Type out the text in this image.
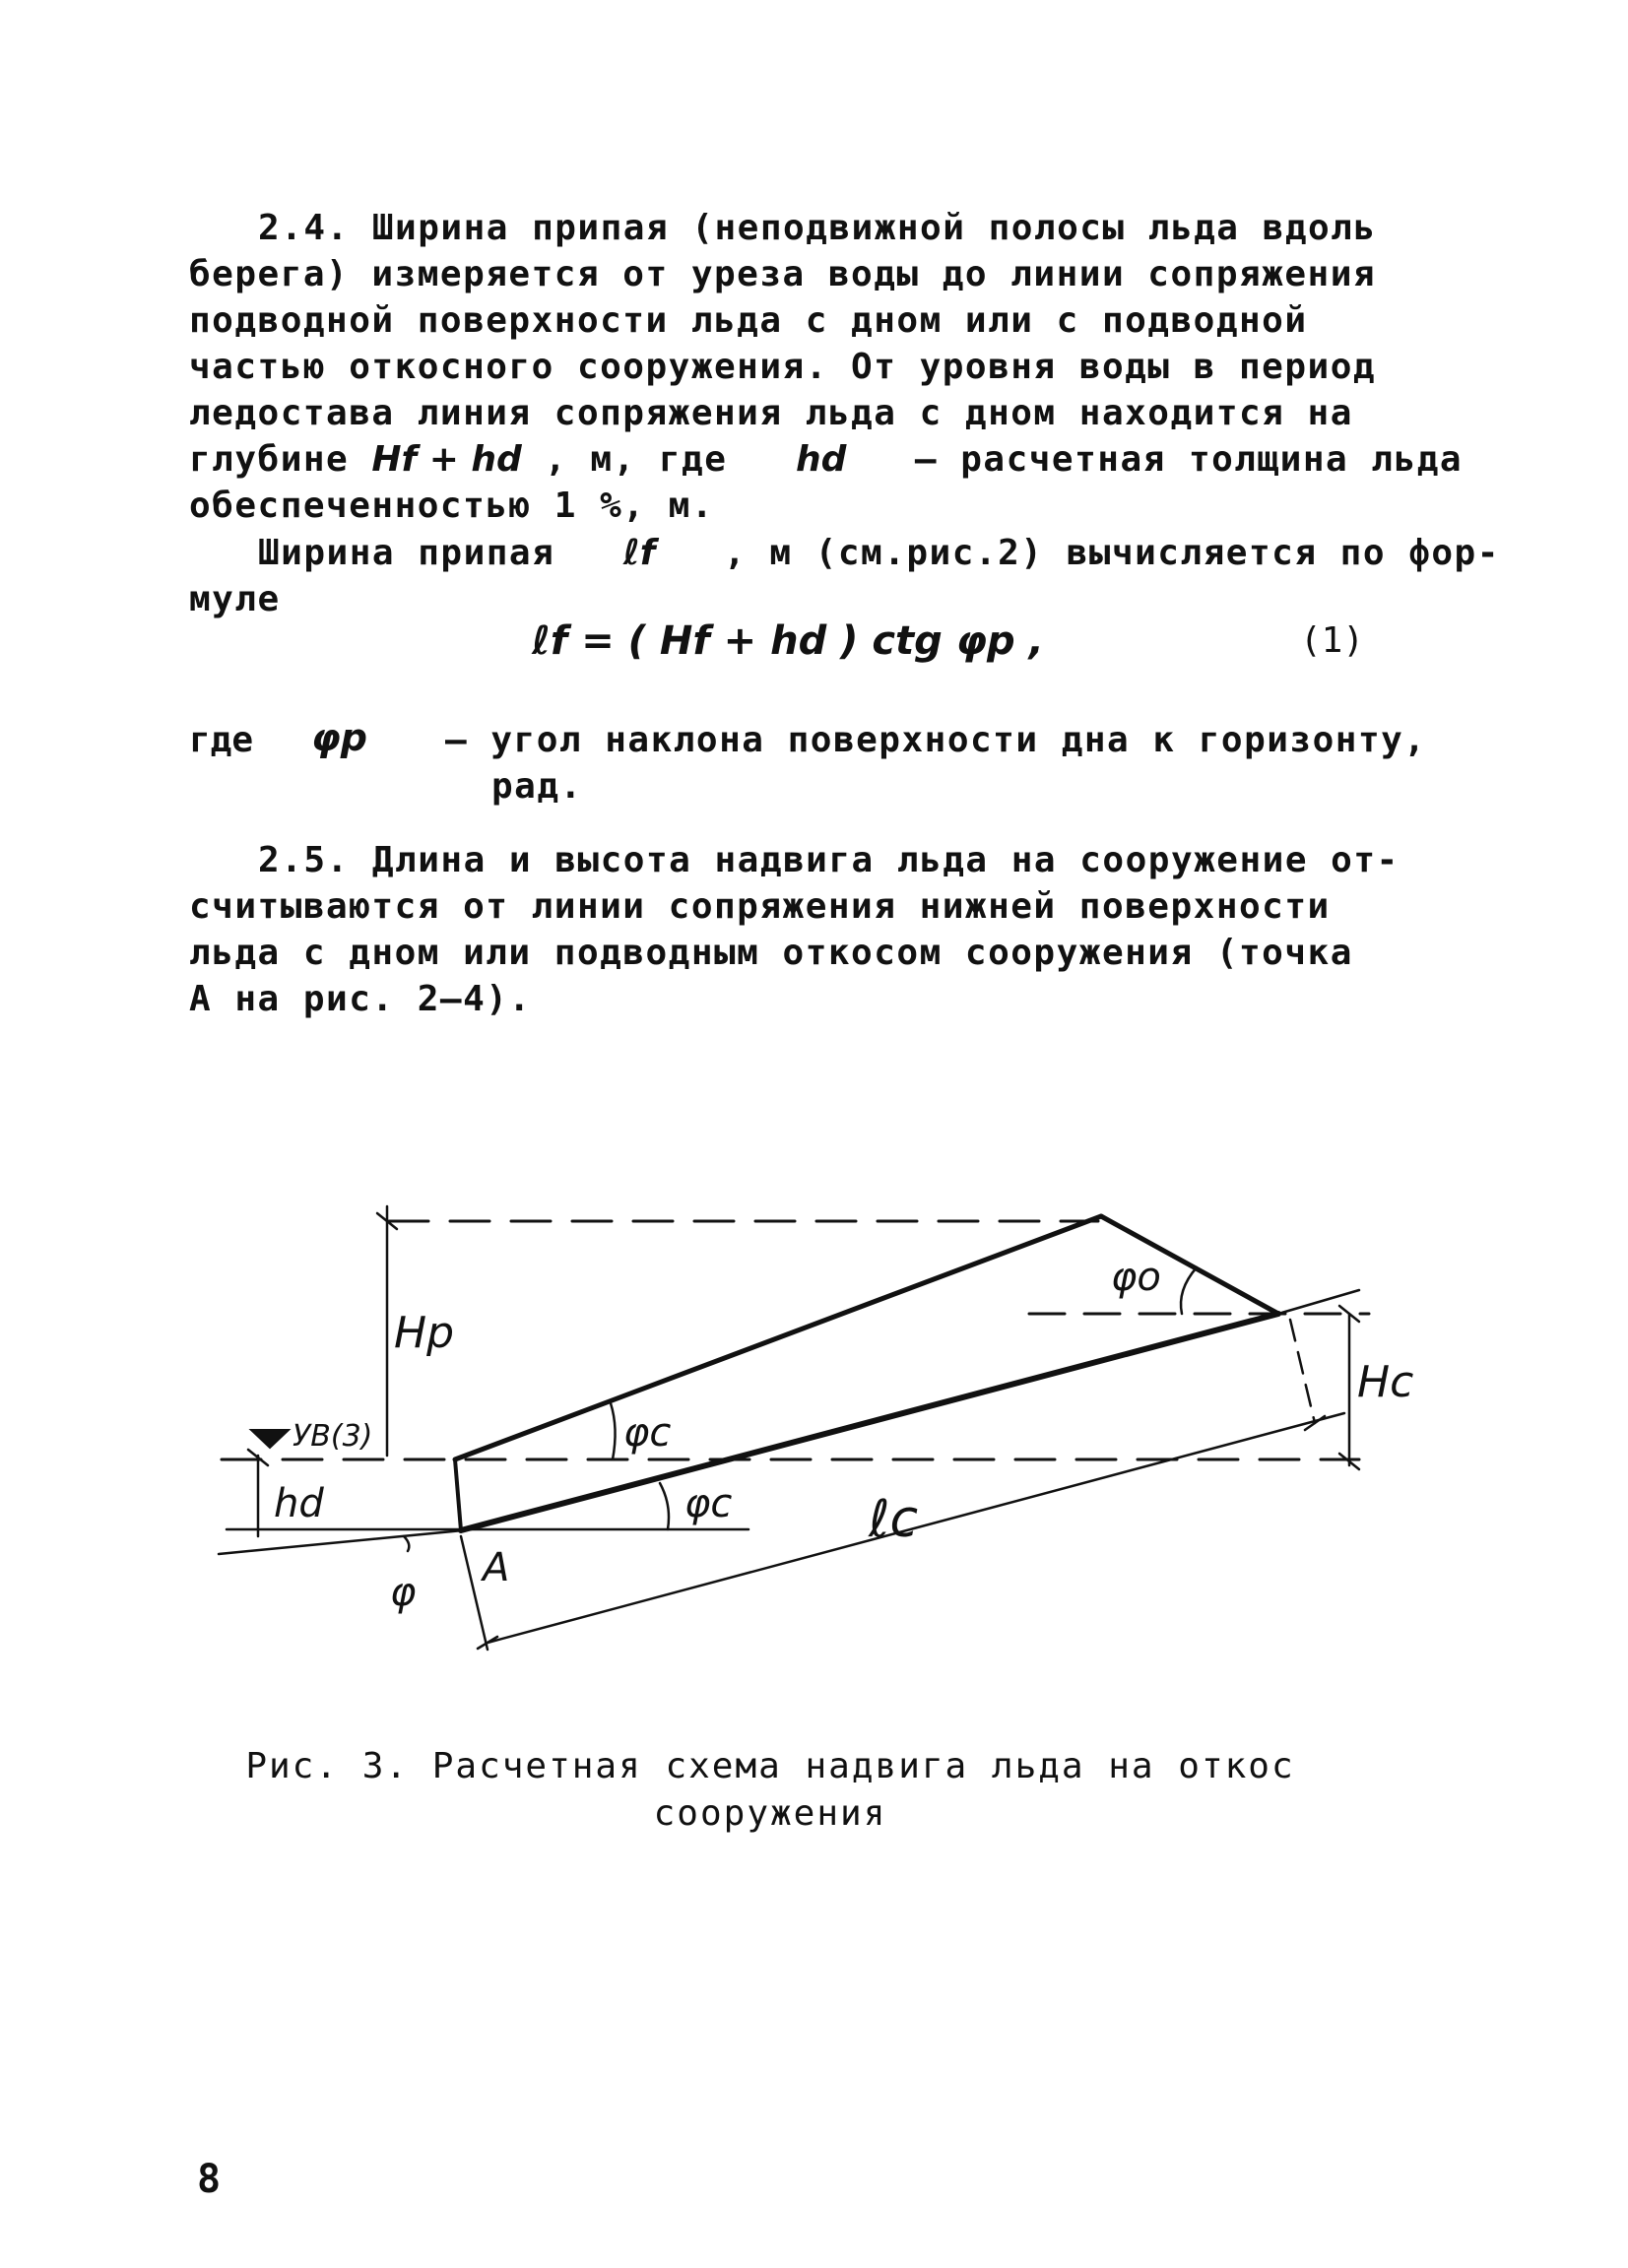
2.4. Ширина припая (неподвижной полосы льда вдоль
берега) измеряется от уреза воды до линии сопряжения
подводной поверхности льда с дном или с подводной
частью откосного сооружения. От уровня воды в период
ледостава линия сопряжения льда с дном находится на
глубине Hf + hd , м, где hd – расчетная толщина льда
обеспеченностью 1 %, м.
Ширина припая ℓf , м (см.рис.2) вычисляется по фор-
муле
ℓf = ( Hf + hd ) ctg φp ,	(1)
где φp – угол наклона поверхности дна к горизонту,
рад.
2.5. Длина и высота надвига льда на сооружение от-
считываются от линии сопряжения нижней поверхности
льда с дном или подводным откосом сооружения (точка
А на рис. 2–4).
Hp
Hc
hd
φc
φc
φo
φ
ℓc
A
УВ(3)
Рис. 3. Расчетная схема надвига льда на откос
сооружения
8
